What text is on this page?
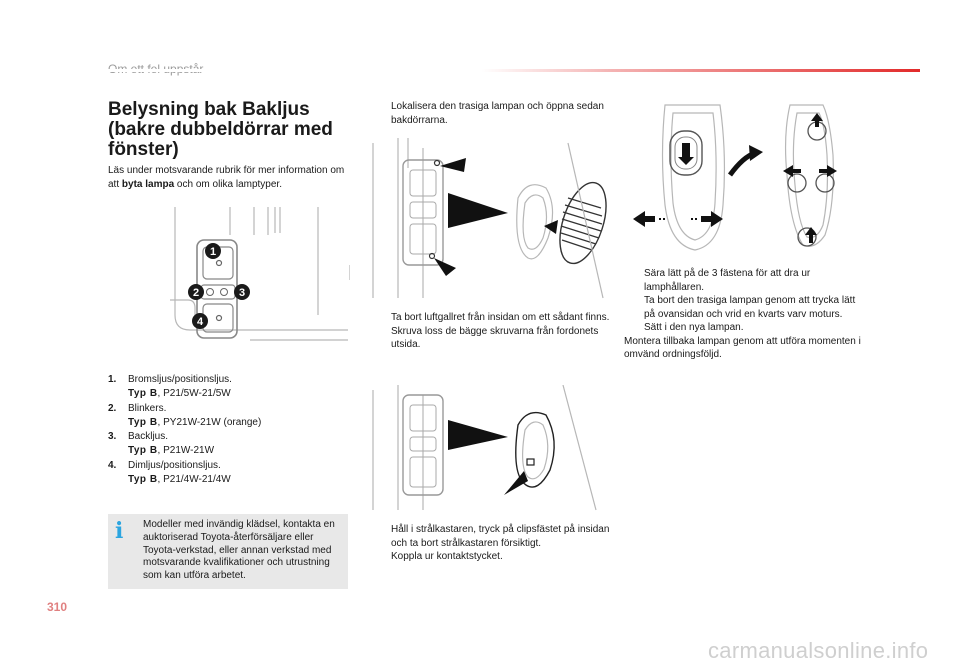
Belysning bak Bakljus (bakre dubbeldörrar med fönster)
Läs under motsvarande rubrik för mer information om att byta lampa och om olika lamptyper.
1
2	3
4
1. Bromsljus/positionsljus.
Typ B, P21/5W-21/5W
2. Blinkers.
Typ B, PY21W-21W (orange)
3. Backljus.
Typ B, P21W-21W
4. Dimljus/positionsljus.
Typ B, P21/4W-21/4W
i Modeller med invändig klädsel, kontakta en auktoriserad Toyota-återförsäljare eller Toyota-verkstad, eller annan verkstad med motsvarande kvalifikationer och utrustning som kan utföra arbetet.
Lokalisera den trasiga lampan och öppna sedan bakdörrarna.
Ta bort luftgallret från insidan om ett sådant finns.
Skruva loss de bägge skruvarna från fordonets utsida.
Håll i strålkastaren, tryck på clipsfästet på insidan och ta bort strålkastaren försiktigt.
Koppla ur kontaktstycket.
Sära lätt på de 3 fästena för att dra ur lamphållaren.
Ta bort den trasiga lampan genom att trycka lätt på ovansidan och vrid en kvarts varv moturs.
Sätt i den nya lampan.
Montera tillbaka lampan genom att utföra momenten i omvänd ordningsföljd.
310
carmanualsonline.info
